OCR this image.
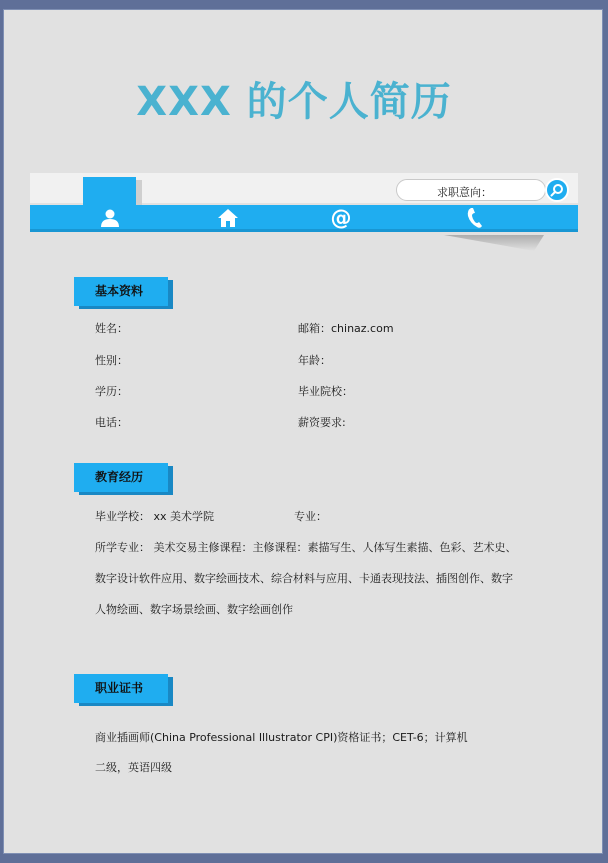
XXX 的个人简历
@
求职意向：
基本资料
姓名：	邮箱：chinaz.com
性别：	年龄：
学历：	毕业院校：
电话：	薪资要求:
教育经历
毕业学校： xx 美术学院	专业：
所学专业： 美术交易主修课程：主修课程：素描写生、人体写生素描、色彩、艺术史、
数字设计软件应用、数字绘画技术、综合材料与应用、卡通表现技法、插图创作、数字
人物绘画、数字场景绘画、数字绘画创作
职业证书
商业插画师(China Professional Illustrator CPI)资格证书；CET-6；计算机
二级，英语四级
